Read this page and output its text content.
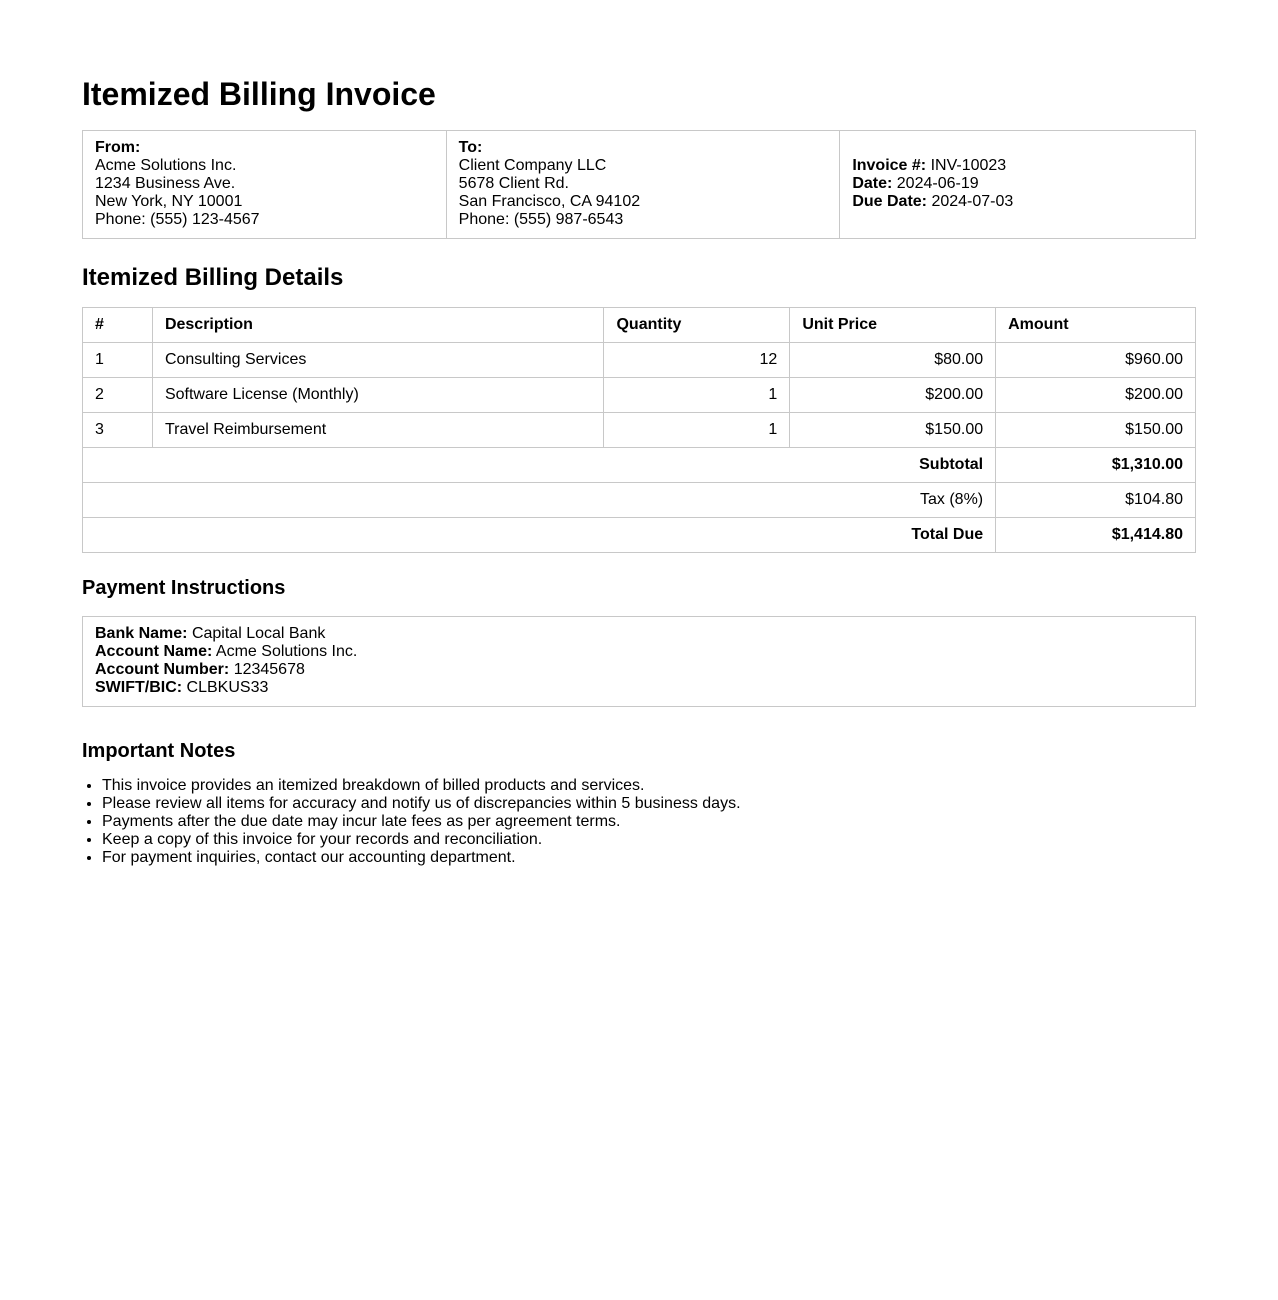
Itemized Billing Invoice
From:
Acme Solutions Inc.
1234 Business Ave.
New York, NY 10001
Phone: (555) 123-4567

To:
Client Company LLC
5678 Client Rd.
San Francisco, CA 94102
Phone: (555) 987-6543

Invoice #: INV-10023
Date: 2024-06-19
Due Date: 2024-07-03
Itemized Billing Details
#	Description	Quantity	Unit Price	Amount
1	Consulting Services	12	$80.00	$960.00
2	Software License (Monthly)	1	$200.00	$200.00
3	Travel Reimbursement	1	$150.00	$150.00
Subtotal				$1,310.00
Tax (8%)				$104.80
Total Due				$1,414.80
Payment Instructions
Bank Name: Capital Local Bank
Account Name: Acme Solutions Inc.
Account Number: 12345678
SWIFT/BIC: CLBKUS33
Important Notes
• This invoice provides an itemized breakdown of billed products and services.
• Please review all items for accuracy and notify us of discrepancies within 5 business days.
• Payments after the due date may incur late fees as per agreement terms.
• Keep a copy of this invoice for your records and reconciliation.
• For payment inquiries, contact our accounting department.
